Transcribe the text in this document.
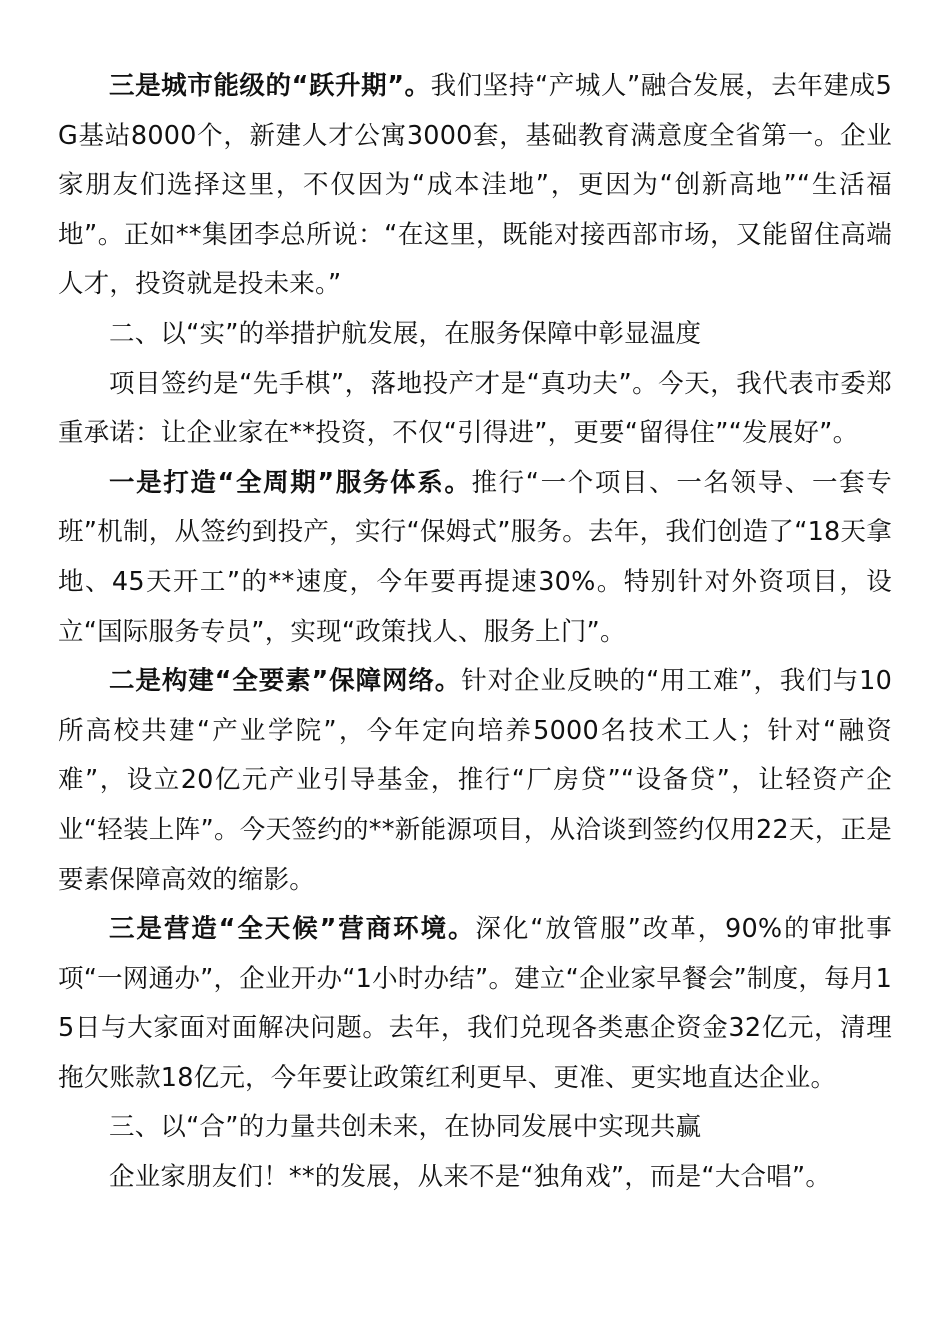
三是城市能级的“跃升期”。我们坚持“产城人”融合发展，去年建成5G基站8000个，新建人才公寓3000套，基础教育满意度全省第一。企业家朋友们选择这里，不仅因为“成本洼地”，更因为“创新高地”“生活福地”。正如**集团李总所说：“在这里，既能对接西部市场，又能留住高端人才，投资就是投未来。”

二、以“实”的举措护航发展，在服务保障中彰显温度

项目签约是“先手棋”，落地投产才是“真功夫”。今天，我代表市委郑重承诺：让企业家在**投资，不仅“引得进”，更要“留得住”“发展好”。

一是打造“全周期”服务体系。推行“一个项目、一名领导、一套专班”机制，从签约到投产，实行“保姆式”服务。去年，我们创造了“18天拿地、45天开工”的**速度，今年要再提速30%。特别针对外资项目，设立“国际服务专员”，实现“政策找人、服务上门”。

二是构建“全要素”保障网络。针对企业反映的“用工难”，我们与10所高校共建“产业学院”，今年定向培养5000名技术工人；针对“融资难”，设立20亿元产业引导基金，推行“厂房贷”“设备贷”，让轻资产企业“轻装上阵”。今天签约的**新能源项目，从洽谈到签约仅用22天，正是要素保障高效的缩影。

三是营造“全天候”营商环境。深化“放管服”改革，90%的审批事项“一网通办”，企业开办“1小时办结”。建立“企业家早餐会”制度，每月15日与大家面对面解决问题。去年，我们兑现各类惠企资金32亿元，清理拖欠账款18亿元，今年要让政策红利更早、更准、更实地直达企业。

三、以“合”的力量共创未来，在协同发展中实现共赢

企业家朋友们！**的发展，从来不是“独角戏”，而是“大合唱”。
